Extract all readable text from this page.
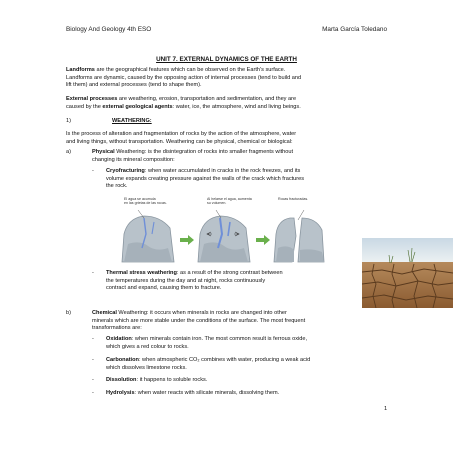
Biology And Geology 4th ESO	Marta García Toledano
UNIT 7. EXTERNAL DYNAMICS OF THE EARTH
Landforms are the geographical features which can be observed on the Earth's surface.
Landforms are dynamic, caused by the opposing action of internal processes (tend to build and
lift them) and external processes (tend to shape them).
External processes are weathering, erosion, transportation and sedimentation, and they are
caused by the external geological agents: water, ice, the atmosphere, wind and living beings.
1)	WEATHERING:
Is the process of alteration and fragmentation of rocks by the action of the atmosphere, water
and living things, without transportation. Weathering can be physical, chemical or biological:
a)	Physical Weathering: is the disintegration of rocks into smaller fragments without
changing its mineral composition:
- Cryofracturing: when water accumulated in cracks in the rock freezes, and its
volume expands creating pressure against the walls of the crack which fractures
the rock.
El agua se acumula
en las grietas de las rocas.
Al helarse el agua, aumenta
su volumen.
Rocas fracturadas.
- Thermal stress weathering: as a result of the strong contrast between
the temperatures during the day and at night, rocks continuously
contract and expand, causing them to fracture.
b)	Chemical Weathering: it occurs when minerals in rocks are changed into other
minerals which are more stable under the conditions of the surface. The most frequent
transformations are:
- Oxidation: when minerals contain iron. The most common result is ferrous oxide,
which gives a red colour to rocks.
- Carbonation: when atmospheric CO₂ combines with water, producing a weak acid
which dissolves limestone rocks.
- Dissolution: it happens to soluble rocks.
- Hydrolysis: when water reacts with silicate minerals, dissolving them.
1
